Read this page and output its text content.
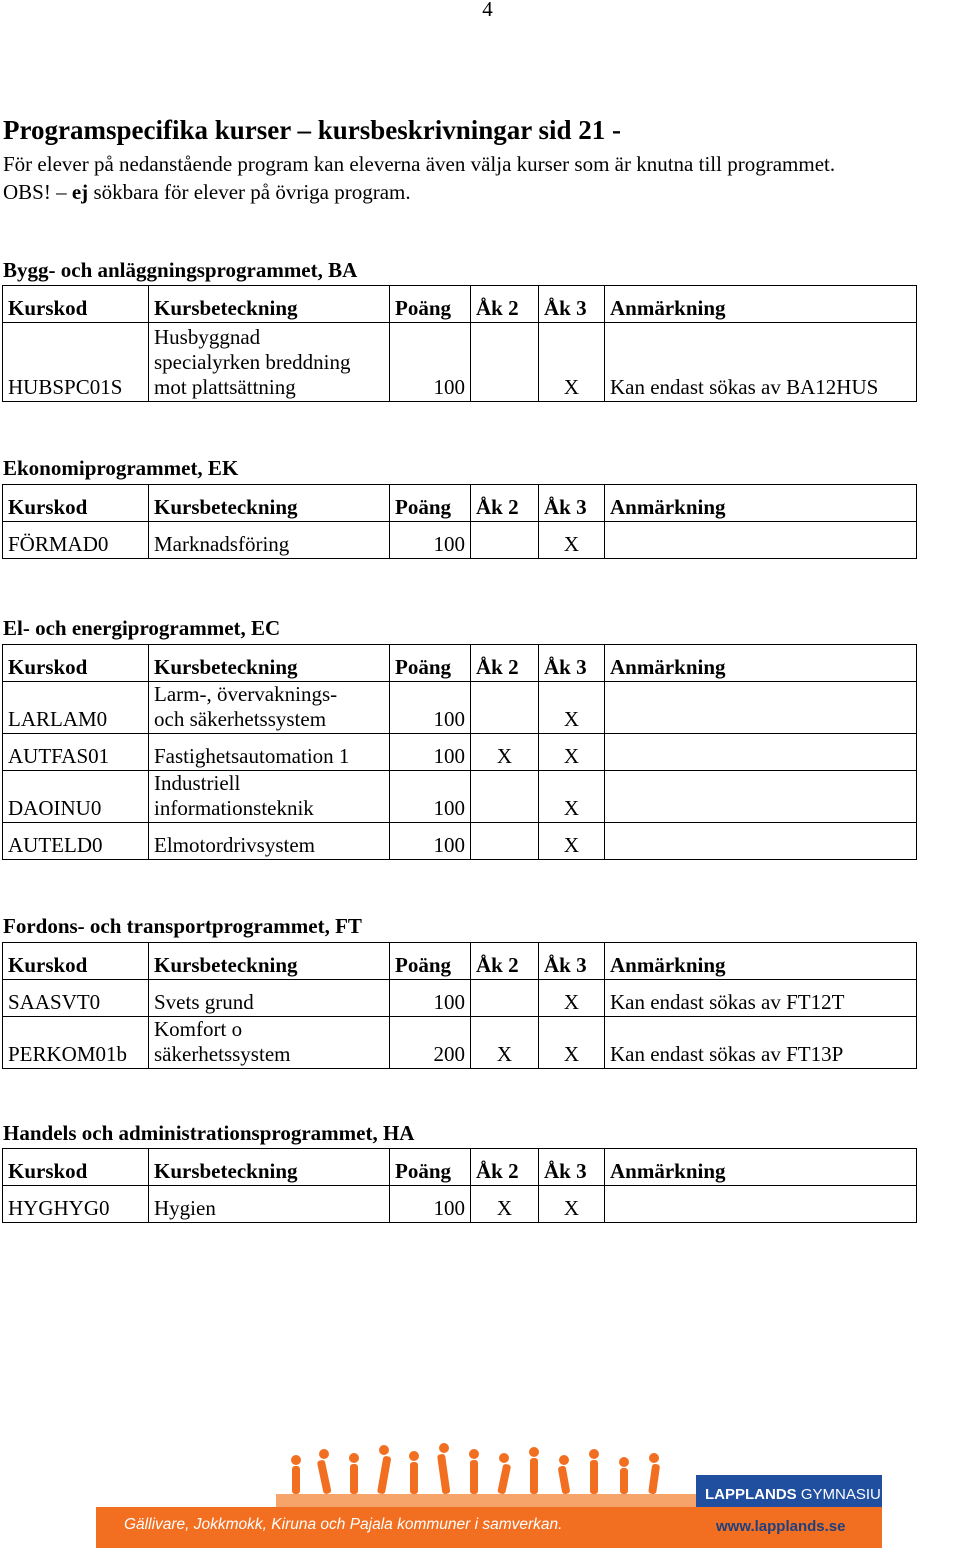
4
Programspecifika kurser – kursbeskrivningar sid 21 -
För elever på nedanstående program kan eleverna även välja kurser som är knutna till programmet.
OBS! – ej sökbara för elever på övriga program.
Bygg- och anläggningsprogrammet, BA
Kurskod	Kursbeteckning	Poäng	Åk 2	Åk 3	Anmärkning
HUBSPC01S	Husbyggnad
specialyrken breddning
mot plattsättning	100		X	Kan endast sökas av BA12HUS
Ekonomiprogrammet, EK
Kurskod	Kursbeteckning	Poäng	Åk 2	Åk 3	Anmärkning
FÖRMAD0	Marknadsföring	100		X	
El- och energiprogrammet, EC
Kurskod	Kursbeteckning	Poäng	Åk 2	Åk 3	Anmärkning
LARLAM0	Larm-, övervaknings-
och säkerhetssystem	100		X	
AUTFAS01	Fastighetsautomation 1	100	X	X	
DAOINU0	Industriell
informationsteknik	100		X	
AUTELD0	Elmotordrivsystem	100		X	
Fordons- och transportprogrammet, FT
Kurskod	Kursbeteckning	Poäng	Åk 2	Åk 3	Anmärkning
SAASVT0	Svets grund	100		X	Kan endast sökas av FT12T
PERKOM01b	Komfort o
säkerhetssystem	200	X	X	Kan endast sökas av FT13P
Handels och administrationsprogrammet, HA
Kurskod	Kursbeteckning	Poäng	Åk 2	Åk 3	Anmärkning
HYGHYG0	Hygien	100	X	X	
LAPPLANDS GYMNASIUM
Gällivare, Jokkmokk, Kiruna och Pajala kommuner i samverkan.	www.lapplands.se
